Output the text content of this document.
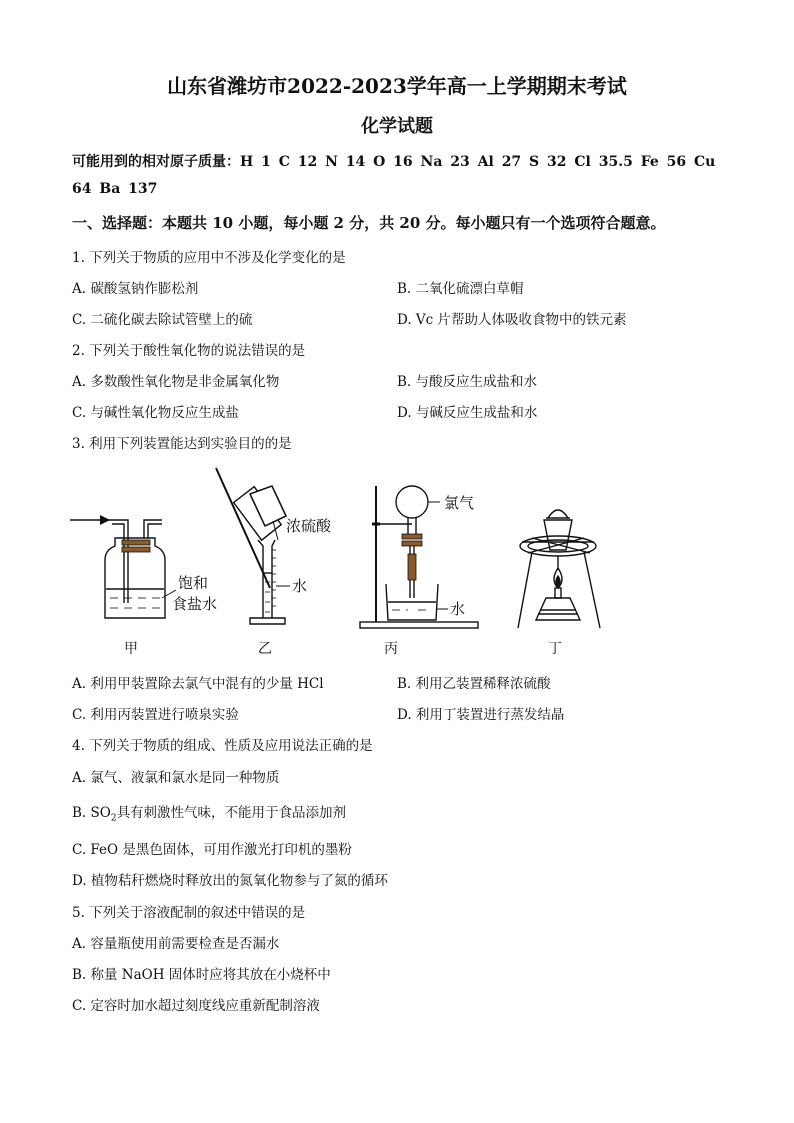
山东省潍坊市2022-2023学年高一上学期期末考试
化学试题
可能用到的相对原子质量：H 1 C 12 N 14 O 16 Na 23 Al 27 S 32 Cl 35.5 Fe 56 Cu
64 Ba 137
一、选择题：本题共 10 小题，每小题 2 分，共 20 分。每小题只有一个选项符合题意。
1. 下列关于物质的应用中不涉及化学变化的是
A. 碳酸氢钠作膨松剂	B. 二氧化硫漂白草帽
C. 二硫化碳去除试管壁上的硫	D. Vc 片帮助人体吸收食物中的铁元素
2. 下列关于酸性氧化物的说法错误的是
A. 多数酸性氧化物是非金属氧化物	B. 与酸反应生成盐和水
C. 与碱性氧化物反应生成盐	D. 与碱反应生成盐和水
3. 利用下列装置能达到实验目的的是
饱和
食盐水
甲
浓硫酸
水
乙
氯气
水
丙	丁
A. 利用甲装置除去氯气中混有的少量 HCl	B. 利用乙装置稀释浓硫酸
C. 利用丙装置进行喷泉实验	D. 利用丁装置进行蒸发结晶
4. 下列关于物质的组成、性质及应用说法正确的是
A. 氯气、液氯和氯水是同一种物质
B. $SO_2$具有刺激性气味，不能用于食品添加剂
C. FeO 是黑色固体，可用作激光打印机的墨粉
D. 植物秸秆燃烧时释放出的氮氧化物参与了氮的循环
5. 下列关于溶液配制的叙述中错误的是
A. 容量瓶使用前需要检查是否漏水
B. 称量 NaOH 固体时应将其放在小烧杯中
C. 定容时加水超过刻度线应重新配制溶液
